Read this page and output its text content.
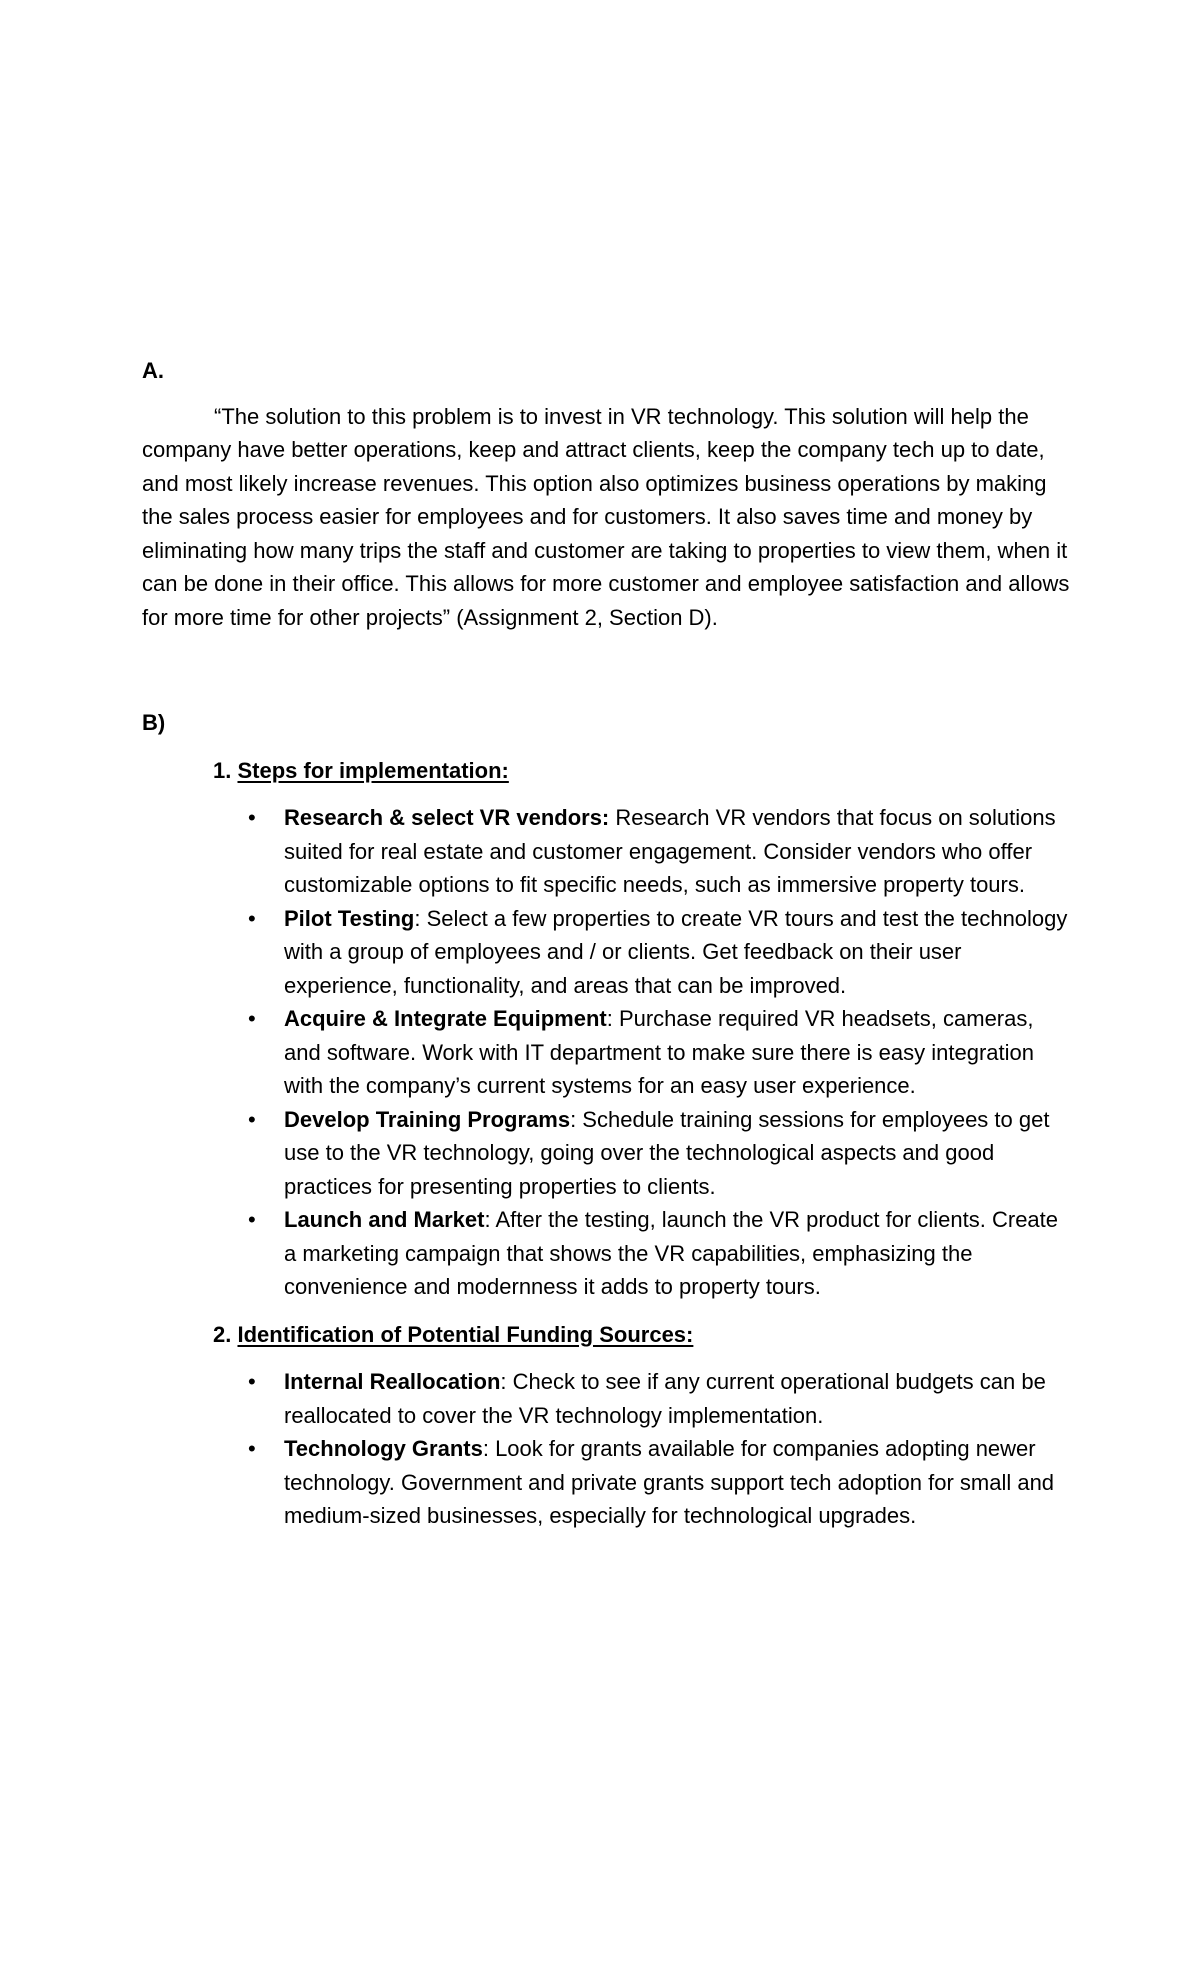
A.

“The solution to this problem is to invest in VR technology. This solution will help the company have better operations, keep and attract clients, keep the company tech up to date, and most likely increase revenues. This option also optimizes business operations by making the sales process easier for employees and for customers. It also saves time and money by eliminating how many trips the staff and customer are taking to properties to view them, when it can be done in their office. This allows for more customer and employee satisfaction and allows for more time for other projects” (Assignment 2, Section D).

B)

1. Steps for implementation:

• Research & select VR vendors: Research VR vendors that focus on solutions suited for real estate and customer engagement. Consider vendors who offer customizable options to fit specific needs, such as immersive property tours.
• Pilot Testing: Select a few properties to create VR tours and test the technology with a group of employees and / or clients. Get feedback on their user experience, functionality, and areas that can be improved.
• Acquire & Integrate Equipment: Purchase required VR headsets, cameras, and software. Work with IT department to make sure there is easy integration with the company’s current systems for an easy user experience.
• Develop Training Programs: Schedule training sessions for employees to get use to the VR technology, going over the technological aspects and good practices for presenting properties to clients.
• Launch and Market: After the testing, launch the VR product for clients. Create a marketing campaign that shows the VR capabilities, emphasizing the convenience and modernness it adds to property tours.

2. Identification of Potential Funding Sources:

• Internal Reallocation: Check to see if any current operational budgets can be reallocated to cover the VR technology implementation.
• Technology Grants: Look for grants available for companies adopting newer technology. Government and private grants support tech adoption for small and medium-sized businesses, especially for technological upgrades.
